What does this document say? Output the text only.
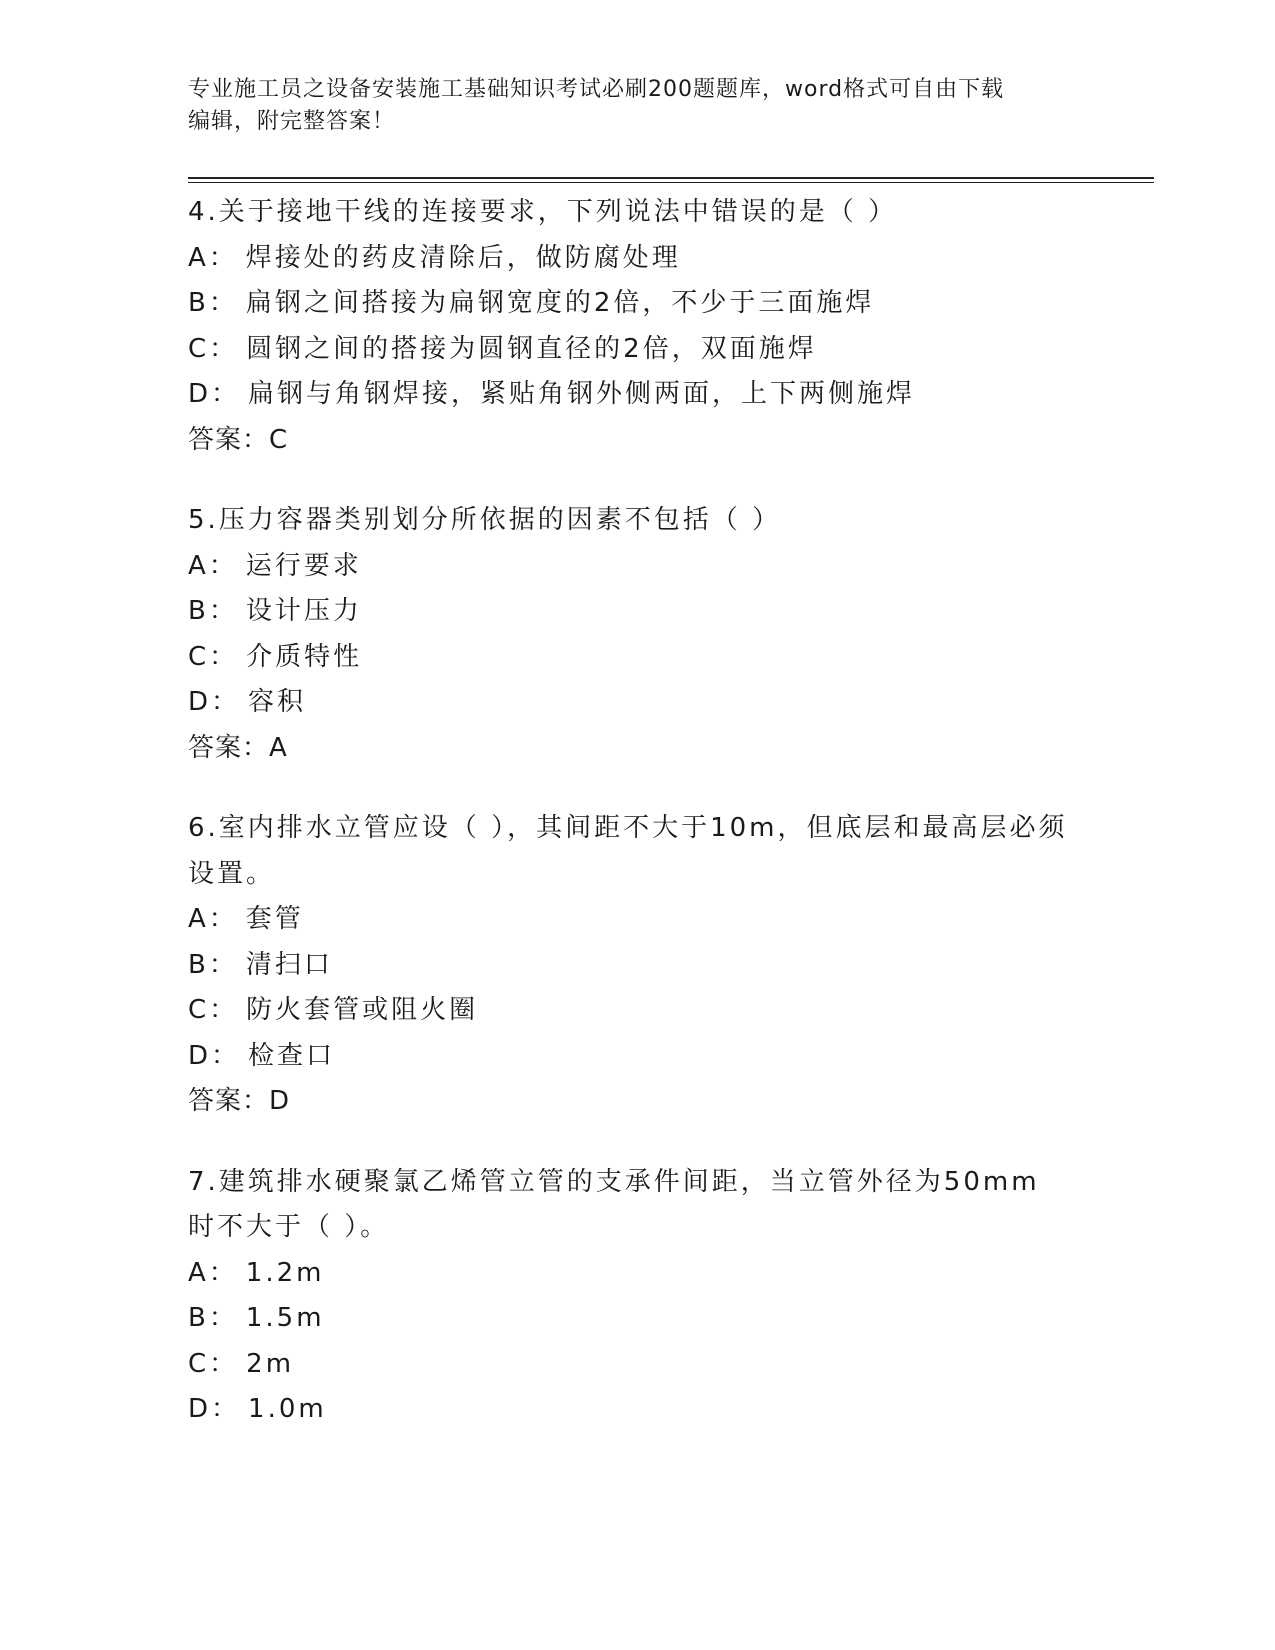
专业施工员之设备安装施工基础知识考试必刷200题题库，word格式可自由下载
编辑，附完整答案！
4.关于接地干线的连接要求，下列说法中错误的是（ ）
A： 焊接处的药皮清除后，做防腐处理
B： 扁钢之间搭接为扁钢宽度的2倍，不少于三面施焊
C： 圆钢之间的搭接为圆钢直径的2倍，双面施焊
D： 扁钢与角钢焊接，紧贴角钢外侧两面，上下两侧施焊
答案：C
5.压力容器类别划分所依据的因素不包括（ ）
A： 运行要求
B： 设计压力
C： 介质特性
D： 容积
答案：A
6.室内排水立管应设（ ），其间距不大于10m，但底层和最高层必须设置。
A： 套管
B： 清扫口
C： 防火套管或阻火圈
D： 检查口
答案：D
7.建筑排水硬聚氯乙烯管立管的支承件间距，当立管外径为50mm时不大于（ ）。
A： 1.2m
B： 1.5m
C： 2m
D： 1.0m
